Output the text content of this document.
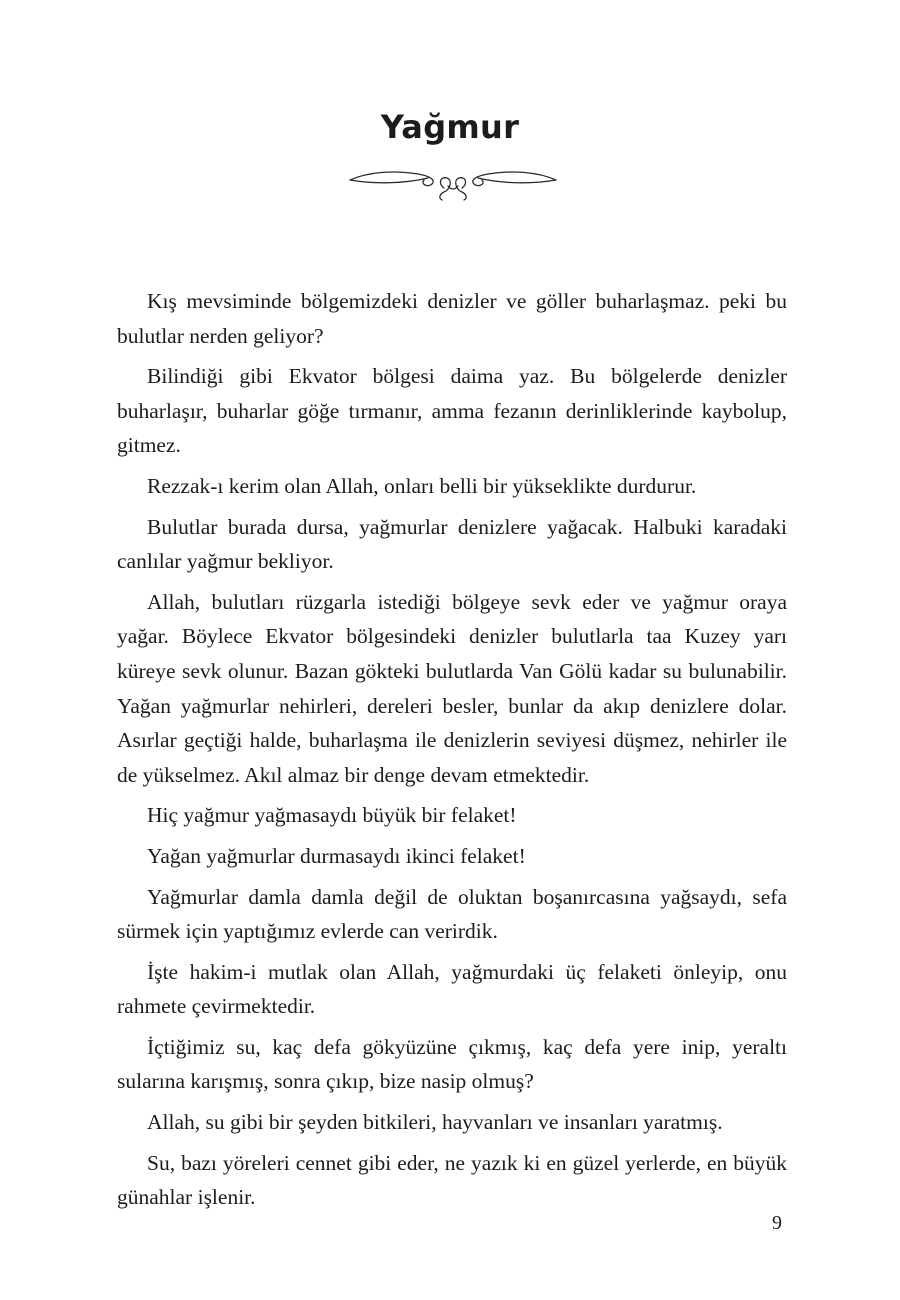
Yağmur

Kış mevsiminde bölgemizdeki denizler ve göller buharlaşmaz. peki bu bulutlar nerden geliyor?

Bilindiği gibi Ekvator bölgesi daima yaz. Bu bölgelerde denizler buharlaşır, buharlar göğe tırmanır, amma fezanın derinliklerinde kaybolup, gitmez.

Rezzak-ı kerim olan Allah, onları belli bir yükseklikte durdurur.

Bulutlar burada dursa, yağmurlar denizlere yağacak. Halbuki karadaki canlılar yağmur bekliyor.

Allah, bulutları rüzgarla istediği bölgeye sevk eder ve yağmur oraya yağar. Böylece Ekvator bölgesindeki denizler bulutlarla taa Kuzey yarı küreye sevk olunur. Bazan gökteki bulutlarda Van Gölü kadar su bulunabilir. Yağan yağmurlar nehirleri, dereleri besler, bunlar da akıp denizlere dolar. Asırlar geçtiği halde, buharlaşma ile denizlerin seviyesi düşmez, nehirler ile de yükselmez. Akıl almaz bir denge devam etmektedir.

Hiç yağmur yağmasaydı büyük bir felaket!

Yağan yağmurlar durmasaydı ikinci felaket!

Yağmurlar damla damla değil de oluktan boşanırcasına yağsaydı, sefa sürmek için yaptığımız evlerde can verirdik.

İşte hakim-i mutlak olan Allah, yağmurdaki üç felaketi önleyip, onu rahmete çevirmektedir.

İçtiğimiz su, kaç defa gökyüzüne çıkmış, kaç defa yere inip, yeraltı sularına karışmış, sonra çıkıp, bize nasip olmuş?

Allah, su gibi bir şeyden bitkileri, hayvanları ve insanları yaratmış.

Su, bazı yöreleri cennet gibi eder, ne yazık ki en güzel yerlerde, en büyük günahlar işlenir.

9
